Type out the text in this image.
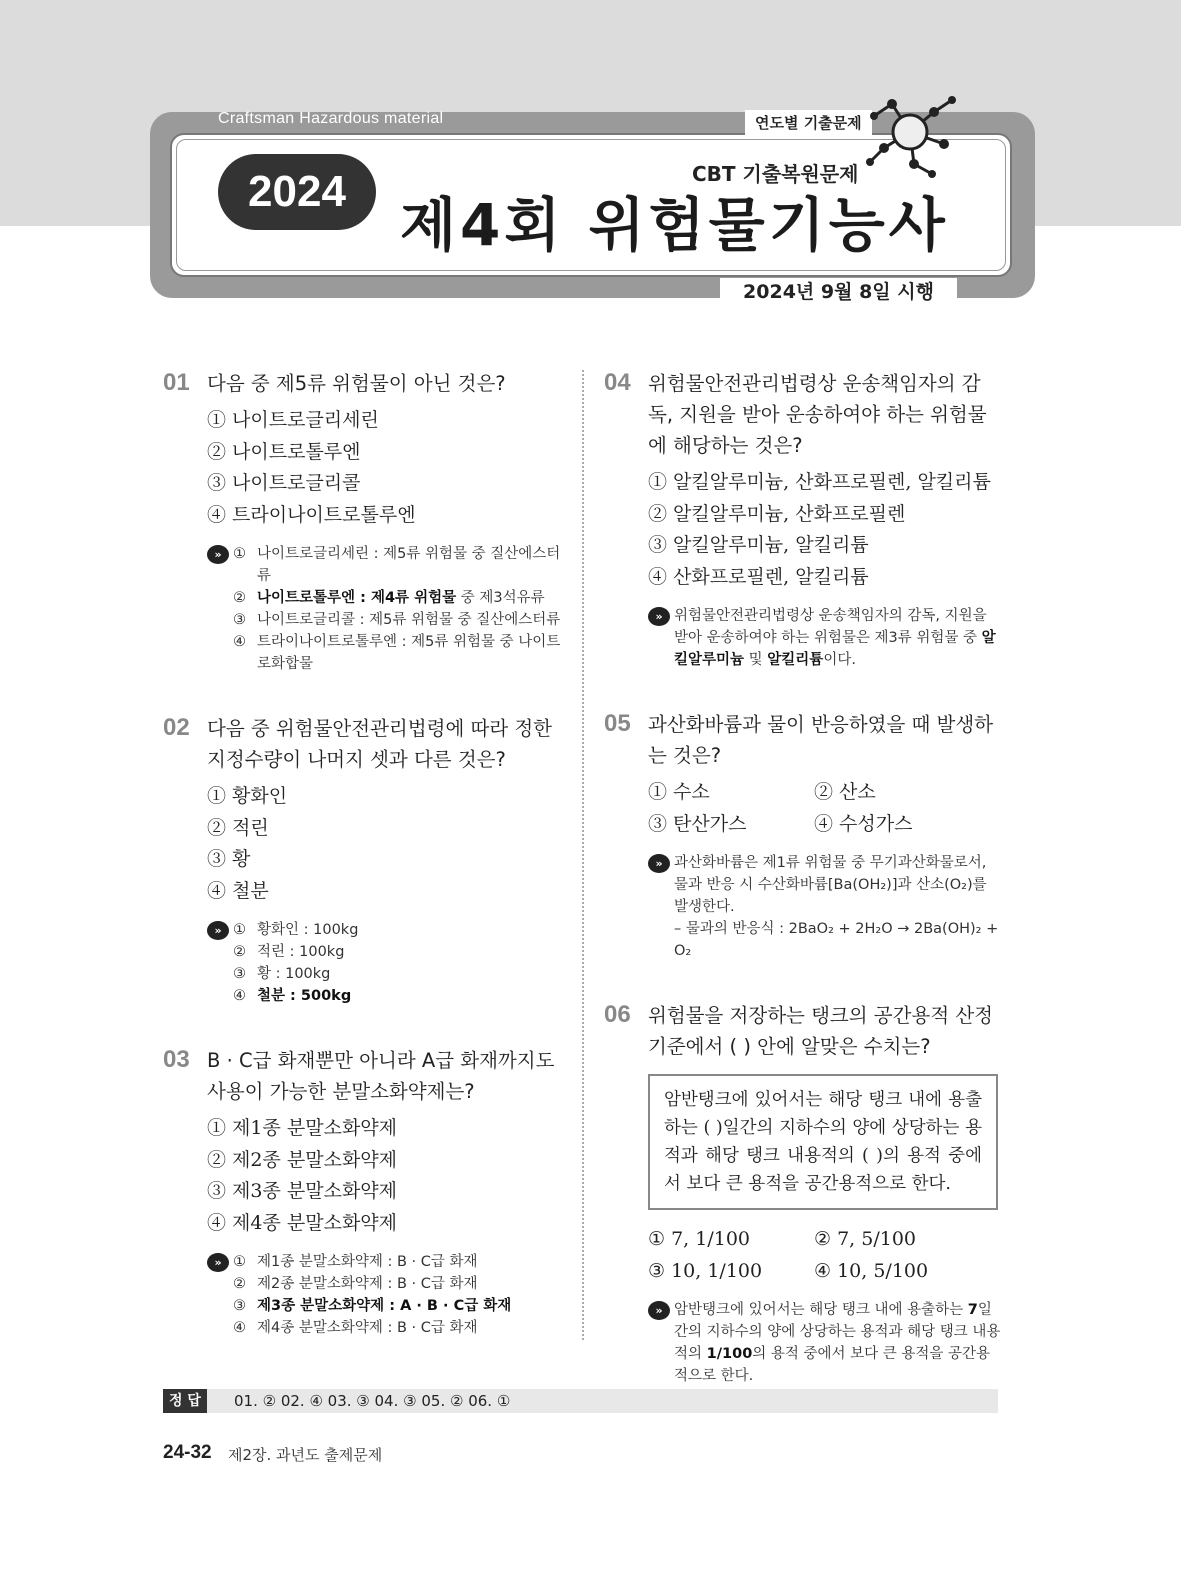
Craftsman Hazardous material	연도별 기출문제
2024	CBT 기출복원문제
제4회 위험물기능사
2024년 9월 8일 시행
01 다음 중 제5류 위험물이 아닌 것은?
① 나이트로글리세린
② 나이트로톨루엔
③ 나이트로글리콜
④ 트라이나이트로톨루엔
» ① 나이트로글리세린 : 제5류 위험물 중 질산에스터류
② 나이트로톨루엔 : 제4류 위험물 중 제3석유류
③ 나이트로글리콜 : 제5류 위험물 중 질산에스터류
④ 트라이나이트로톨루엔 : 제5류 위험물 중 나이트로화합물
02 다음 중 위험물안전관리법령에 따라 정한 지정수량이 나머지 셋과 다른 것은?
① 황화인
② 적린
③ 황
④ 철분
» ① 황화인 : 100kg
② 적린 : 100kg
③ 황 : 100kg
④ 철분 : 500kg
03 B · C급 화재뿐만 아니라 A급 화재까지도 사용이 가능한 분말소화약제는?
① 제1종 분말소화약제
② 제2종 분말소화약제
③ 제3종 분말소화약제
④ 제4종 분말소화약제
» ① 제1종 분말소화약제 : B · C급 화재
② 제2종 분말소화약제 : B · C급 화재
③ 제3종 분말소화약제 : A · B · C급 화재
④ 제4종 분말소화약제 : B · C급 화재
04 위험물안전관리법령상 운송책임자의 감독, 지원을 받아 운송하여야 하는 위험물에 해당하는 것은?
① 알킬알루미늄, 산화프로필렌, 알킬리튬
② 알킬알루미늄, 산화프로필렌
③ 알킬알루미늄, 알킬리튬
④ 산화프로필렌, 알킬리튬
» 위험물안전관리법령상 운송책임자의 감독, 지원을 받아 운송하여야 하는 위험물은 제3류 위험물 중 알킬알루미늄 및 알킬리튬이다.
05 과산화바륨과 물이 반응하였을 때 발생하는 것은?
① 수소	② 산소
③ 탄산가스	④ 수성가스
» 과산화바륨은 제1류 위험물 중 무기과산화물로서, 물과 반응 시 수산화바륨[Ba(OH₂)]과 산소(O₂)를 발생한다.
– 물과의 반응식 : 2BaO₂ + 2H₂O → 2Ba(OH)₂ + O₂
06 위험물을 저장하는 탱크의 공간용적 산정기준에서 ( ) 안에 알맞은 수치는?
암반탱크에 있어서는 해당 탱크 내에 용출하는 ( )일간의 지하수의 양에 상당하는 용적과 해당 탱크 내용적의 ( )의 용적 중에서 보다 큰 용적을 공간용적으로 한다.
① 7, 1/100	② 7, 5/100
③ 10, 1/100	④ 10, 5/100
» 암반탱크에 있어서는 해당 탱크 내에 용출하는 7일간의 지하수의 양에 상당하는 용적과 해당 탱크 내용적의 1/100의 용적 중에서 보다 큰 용적을 공간용적으로 한다.
정 답	01. ② 02. ④ 03. ③ 04. ③ 05. ② 06. ①
24-32 제2장. 과년도 출제문제
